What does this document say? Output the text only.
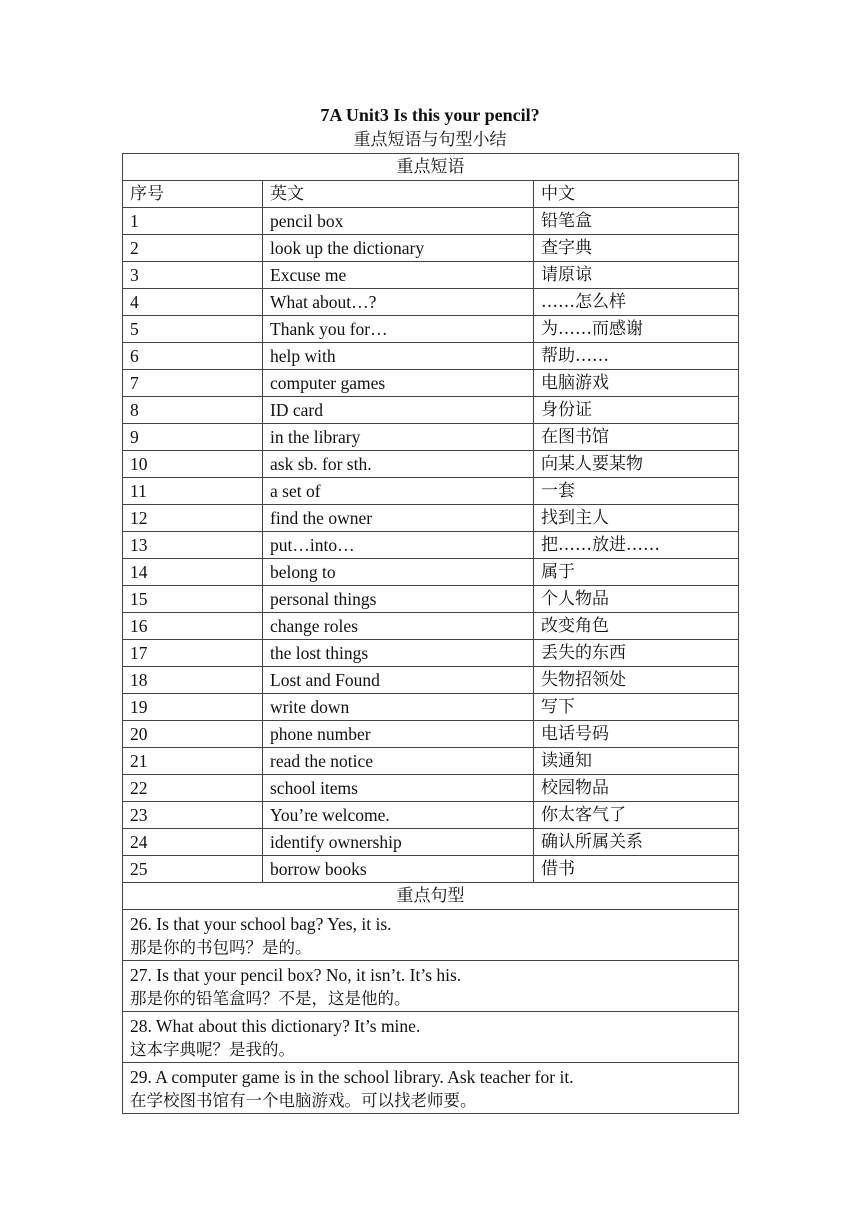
7A Unit3 Is this your pencil?
重点短语与句型小结
重点短语		
序号	英文	中文
1	pencil box	铅笔盒
2	look up the dictionary	查字典
3	Excuse me	请原谅
4	What about…?	……怎么样
5	Thank you for…	为……而感谢
6	help with	帮助……
7	computer games	电脑游戏
8	ID card	身份证
9	in the library	在图书馆
10	ask sb. for sth.	向某人要某物
11	a set of	一套
12	find the owner	找到主人
13	put…into…	把……放进……
14	belong to	属于
15	personal things	个人物品
16	change roles	改变角色
17	the lost things	丢失的东西
18	Lost and Found	失物招领处
19	write down	写下
20	phone number	电话号码
21	read the notice	读通知
22	school items	校园物品
23	You’re welcome.	你太客气了
24	identify ownership	确认所属关系
25	borrow books	借书
重点句型		

26. Is that your school bag? Yes, it is.
那是你的书包吗？是的。		

27. Is that your pencil box? No, it isn’t. It’s his.
那是你的铅笔盒吗？不是，这是他的。		

28. What about this dictionary? It’s mine.
这本字典呢？是我的。		

29. A computer game is in the school library. Ask teacher for it.
在学校图书馆有一个电脑游戏。可以找老师要。		
